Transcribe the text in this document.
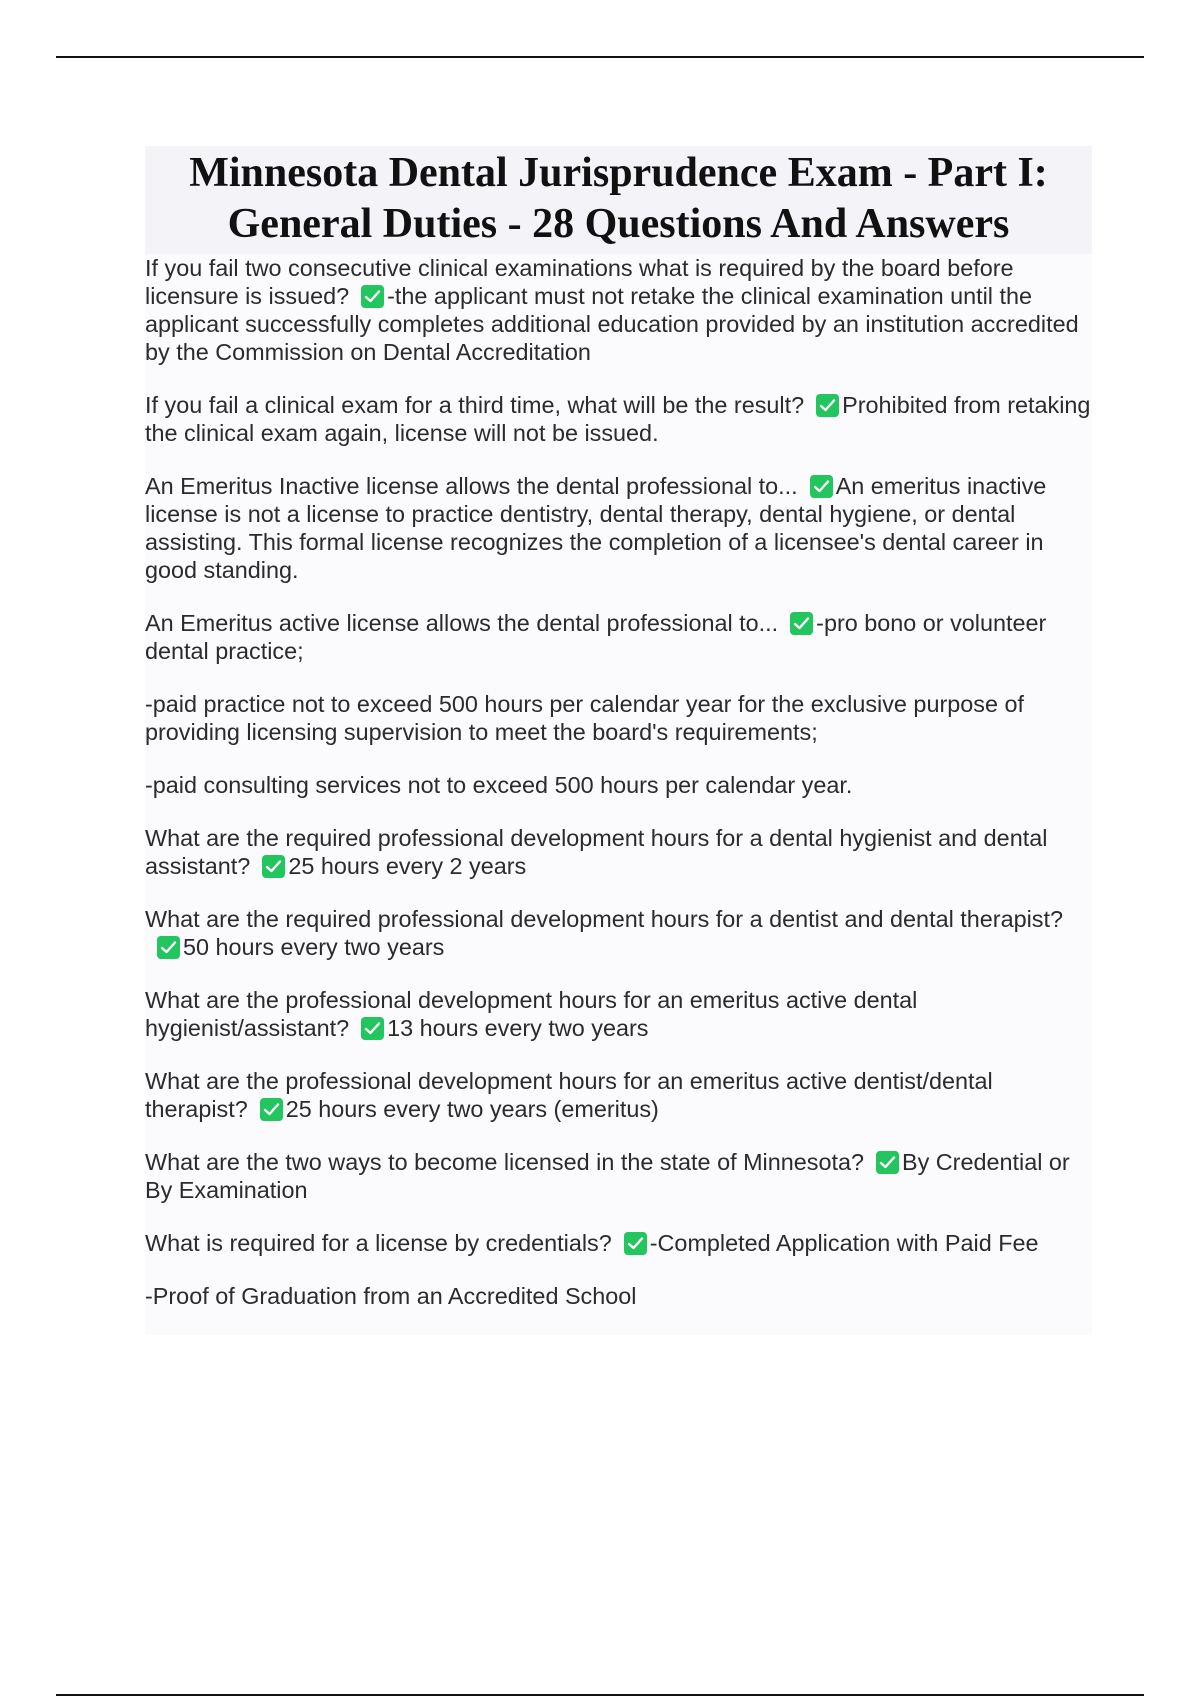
Minnesota Dental Jurisprudence Exam - Part I: General Duties - 28 Questions And Answers

If you fail two consecutive clinical examinations what is required by the board before licensure is issued? -the applicant must not retake the clinical examination until the applicant successfully completes additional education provided by an institution accredited by the Commission on Dental Accreditation

If you fail a clinical exam for a third time, what will be the result? Prohibited from retaking the clinical exam again, license will not be issued.

An Emeritus Inactive license allows the dental professional to... An emeritus inactive license is not a license to practice dentistry, dental therapy, dental hygiene, or dental assisting. This formal license recognizes the completion of a licensee's dental career in good standing.

An Emeritus active license allows the dental professional to... -pro bono or volunteer dental practice;

-paid practice not to exceed 500 hours per calendar year for the exclusive purpose of providing licensing supervision to meet the board's requirements;

-paid consulting services not to exceed 500 hours per calendar year.

What are the required professional development hours for a dental hygienist and dental assistant? 25 hours every 2 years

What are the required professional development hours for a dentist and dental therapist?
50 hours every two years

What are the professional development hours for an emeritus active dental hygienist/assistant? 13 hours every two years

What are the professional development hours for an emeritus active dentist/dental therapist? 25 hours every two years (emeritus)

What are the two ways to become licensed in the state of Minnesota? By Credential or By Examination

What is required for a license by credentials? -Completed Application with Paid Fee

-Proof of Graduation from an Accredited School
